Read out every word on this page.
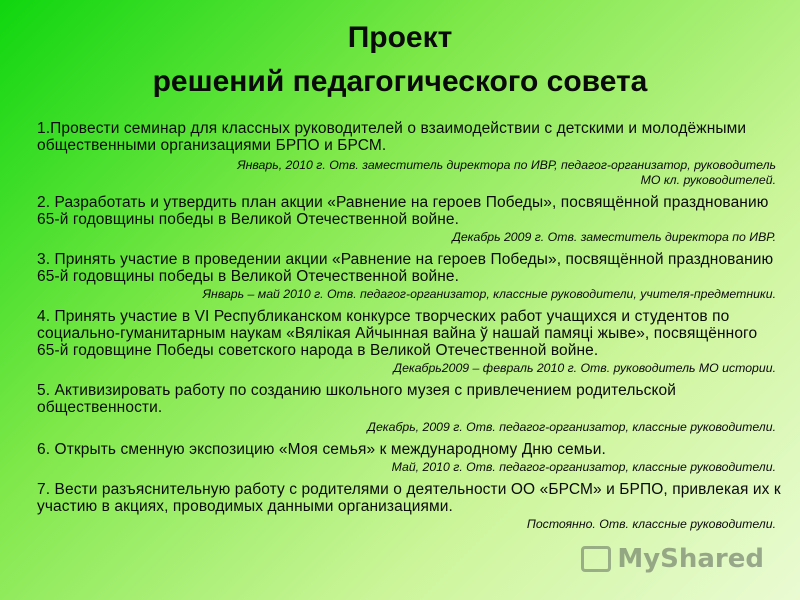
Проект
решений педагогического совета
1.Провести семинар для классных руководителей о взаимодействии с детскими и молодёжными общественными организациями БРПО и БРСМ.
Январь, 2010 г. Отв. заместитель директора по ИВР, педагог-организатор, руководитель МО кл. руководителей.
2. Разработать и утвердить план акции «Равнение на героев Победы», посвящённой празднованию 65-й годовщины победы в Великой Отечественной войне.
Декабрь 2009 г. Отв. заместитель директора по ИВР.
3. Принять участие в проведении акции «Равнение на героев Победы», посвящённой празднованию 65-й годовщины победы в Великой Отечественной войне.
Январь – май 2010 г. Отв. педагог-организатор, классные руководители, учителя-предметники.
4. Принять участие в VI Республиканском конкурсе творческих работ учащихся и студентов по социально-гуманитарным наукам «Вялікая Айчынная вайна ў нашай памяці жыве», посвящённого 65-й годовщине Победы советского народа в Великой Отечественной войне.
Декабрь2009 – февраль 2010 г. Отв. руководитель МО истории.
5. Активизировать работу по созданию школьного музея с привлечением родительской общественности.
Декабрь, 2009 г. Отв. педагог-организатор, классные руководители.
6. Открыть сменную экспозицию «Моя семья» к международному Дню семьи.
Май, 2010 г. Отв. педагог-организатор, классные руководители.
7. Вести разъяснительную работу с родителями о деятельности ОО «БРСМ» и БРПО, привлекая их к участию в акциях, проводимых данными организациями.
Постоянно. Отв. классные руководители.
MyShared
